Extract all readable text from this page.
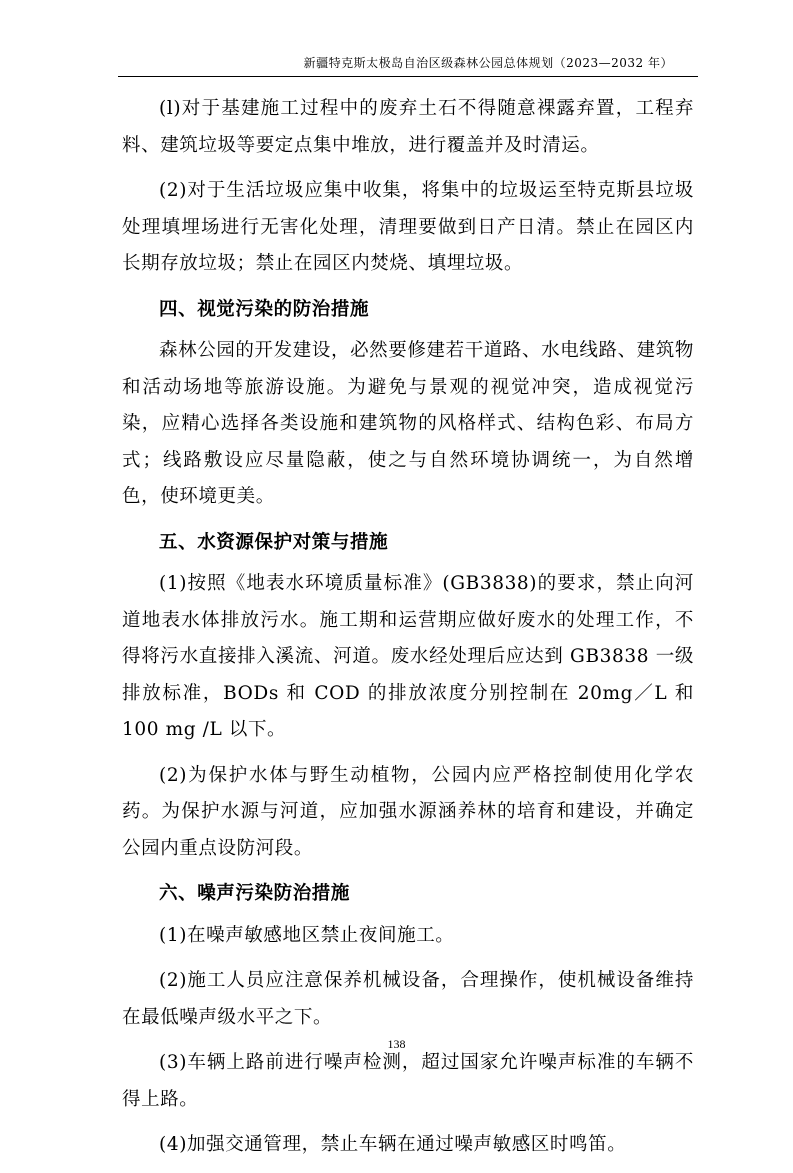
新疆特克斯太极岛自治区级森林公园总体规划（2023—2032 年）

(l)对于基建施工过程中的废弃土石不得随意裸露弃置，工程弃料、建筑垃圾等要定点集中堆放，进行覆盖并及时清运。

(2)对于生活垃圾应集中收集，将集中的垃圾运至特克斯县垃圾处理填埋场进行无害化处理，清理要做到日产日清。禁止在园区内长期存放垃圾；禁止在园区内焚烧、填埋垃圾。

四、视觉污染的防治措施

森林公园的开发建设，必然要修建若干道路、水电线路、建筑物和活动场地等旅游设施。为避免与景观的视觉冲突，造成视觉污染，应精心选择各类设施和建筑物的风格样式、结构色彩、布局方式；线路敷设应尽量隐蔽，使之与自然环境协调统一，为自然增色，使环境更美。

五、水资源保护对策与措施

(1)按照《地表水环境质量标准》(GB3838)的要求，禁止向河道地表水体排放污水。施工期和运营期应做好废水的处理工作，不得将污水直接排入溪流、河道。废水经处理后应达到 GB3838 一级排放标准，BODs 和 COD 的排放浓度分别控制在 20mg／L 和 100 mg /L 以下。

(2)为保护水体与野生动植物，公园内应严格控制使用化学农药。为保护水源与河道，应加强水源涵养林的培育和建设，并确定公园内重点设防河段。

六、噪声污染防治措施

(1)在噪声敏感地区禁止夜间施工。

(2)施工人员应注意保养机械设备，合理操作，使机械设备维持在最低噪声级水平之下。

(3)车辆上路前进行噪声检测，超过国家允许噪声标准的车辆不得上路。

(4)加强交通管理，禁止车辆在通过噪声敏感区时鸣笛。

138
